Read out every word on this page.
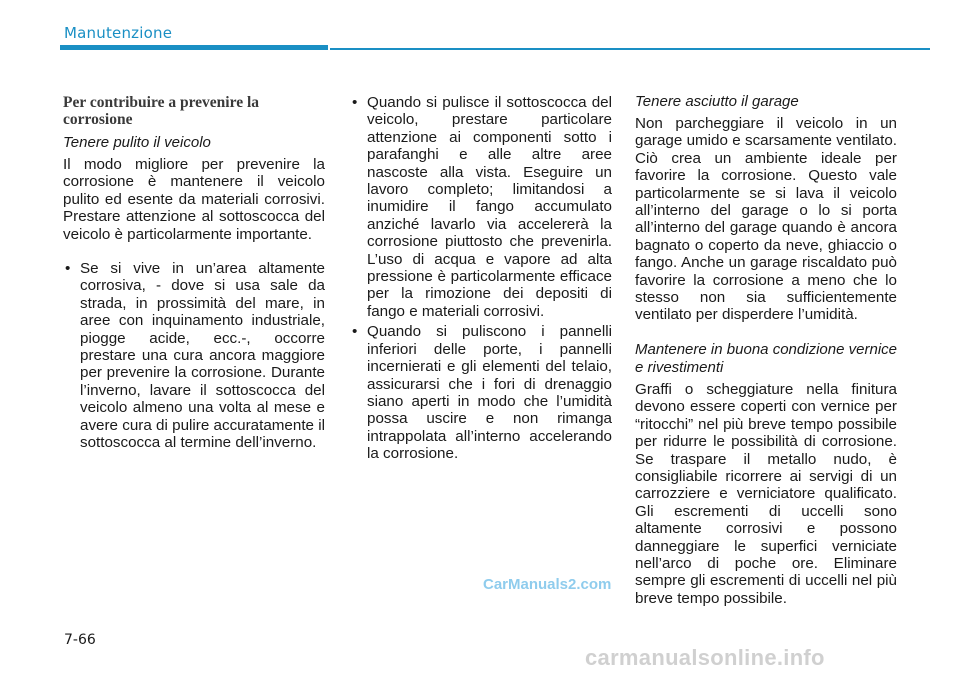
Manutenzione
Per contribuire a prevenire la corrosione
Tenere pulito il veicolo

Il modo migliore per prevenire la corrosione è mantenere il veicolo pulito ed esente da materiali corrosivi. Prestare attenzione al sottoscocca del veicolo è particolarmente importante.

• Se si vive in un’area altamente corrosiva, - dove si usa sale da strada, in prossimità del mare, in aree con inquinamento industriale, piogge acide, ecc.-, occorre prestare una cura ancora maggiore per prevenire la corrosione. Durante l’inverno, lavare il sottoscocca del veicolo almeno una volta al mese e avere cura di pulire accuratamente il sottoscocca al termine dell’inverno.
• Quando si pulisce il sottoscocca del veicolo, prestare particolare attenzione ai componenti sotto i parafanghi e alle altre aree nascoste alla vista. Eseguire un lavoro completo; limitandosi a inumidire il fango accumulato anziché lavarlo via accelererà la corrosione piuttosto che prevenirla. L’uso di acqua e vapore ad alta pressione è particolarmente efficace per la rimozione dei depositi di fango e materiali corrosivi.
• Quando si puliscono i pannelli inferiori delle porte, i pannelli incernierati e gli elementi del telaio, assicurarsi che i fori di drenaggio siano aperti in modo che l’umidità possa uscire e non rimanga intrappolata all’interno accelerando la corrosione.
Tenere asciutto il garage

Non parcheggiare il veicolo in un garage umido e scarsamente ventilato. Ciò crea un ambiente ideale per favorire la corrosione. Questo vale particolarmente se si lava il veicolo all’interno del garage o lo si porta all’interno del garage quando è ancora bagnato o coperto da neve, ghiaccio o fango. Anche un garage riscaldato può favorire la corrosione a meno che lo stesso non sia sufficientemente ventilato per disperdere l’umidità.

Mantenere in buona condizione vernice e rivestimenti

Graffi o scheggiature nella finitura devono essere coperti con vernice per “ritocchi” nel più breve tempo possibile per ridurre le possibilità di corrosione. Se traspare il metallo nudo, è consigliabile ricorrere ai servigi di un carrozziere e verniciatore qualificato. Gli escrementi di uccelli sono altamente corrosivi e possono danneggiare le superfici verniciate nell’arco di poche ore. Eliminare sempre gli escrementi di uccelli nel più breve tempo possibile.

7-66
CarManuals2.com
carmanualsonline.info
